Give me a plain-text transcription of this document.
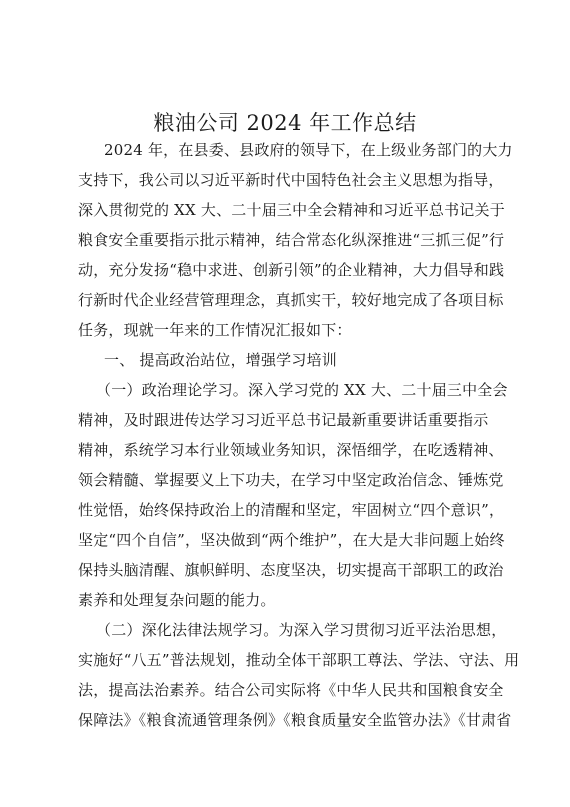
粮油公司 2024 年工作总结
2024 年，在县委、县政府的领导下，在上级业务部门的大力
支持下，我公司以习近平新时代中国特色社会主义思想为指导，
深入贯彻党的 XX 大、二十届三中全会精神和习近平总书记关于
粮食安全重要指示批示精神，结合常态化纵深推进“三抓三促”行
动，充分发扬“稳中求进、创新引领”的企业精神，大力倡导和践
行新时代企业经营管理理念，真抓实干，较好地完成了各项目标
任务，现就一年来的工作情况汇报如下：
一、 提高政治站位，增强学习培训
（一）政治理论学习。深入学习党的 XX 大、二十届三中全会
精神，及时跟进传达学习习近平总书记最新重要讲话重要指示
精神，系统学习本行业领域业务知识，深悟细学，在吃透精神、
领会精髓、掌握要义上下功夫，在学习中坚定政治信念、锤炼党
性觉悟，始终保持政治上的清醒和坚定，牢固树立“四个意识”，
坚定“四个自信”，坚决做到“两个维护”，在大是大非问题上始终
保持头脑清醒、旗帜鲜明、态度坚决，切实提高干部职工的政治
素养和处理复杂问题的能力。
（二）深化法律法规学习。为深入学习贯彻习近平法治思想，
实施好“八五”普法规划，推动全体干部职工尊法、学法、守法、用
法，提高法治素养。结合公司实际将《中华人民共和国粮食安全
保障法》《粮食流通管理条例》《粮食质量安全监管办法》《甘肃省
